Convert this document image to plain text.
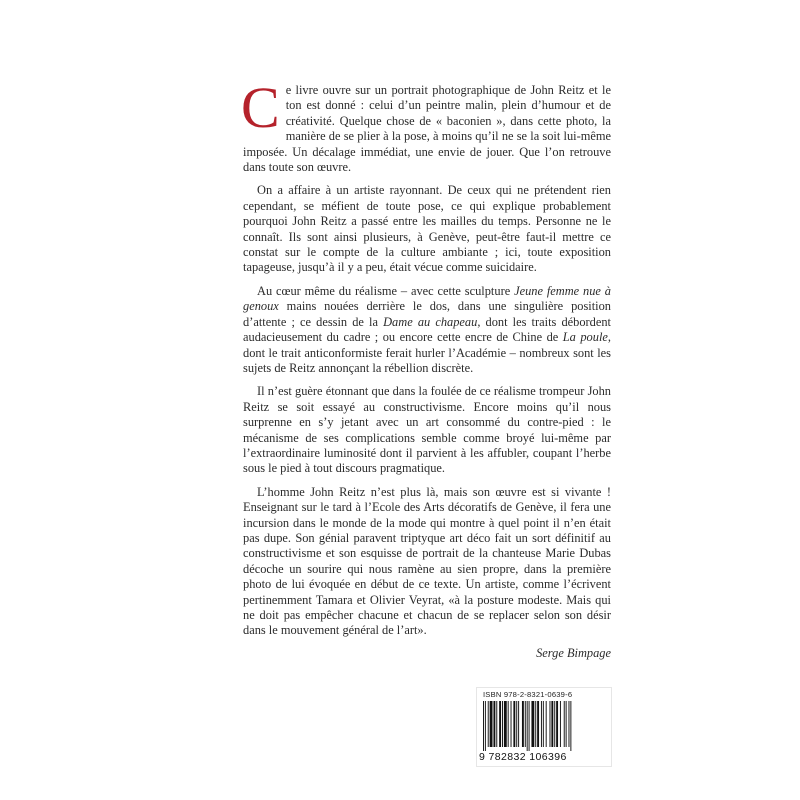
Ce livre ouvre sur un portrait photographique de John Reitz et le ton est donné : celui d’un peintre malin, plein d’humour et de créativité. Quelque chose de « baconien », dans cette photo, la manière de se plier à la pose, à moins qu’il ne se la soit lui-même imposée. Un décalage immédiat, une envie de jouer. Que l’on retrouve dans toute son œuvre.

On a affaire à un artiste rayonnant. De ceux qui ne prétendent rien cependant, se méfient de toute pose, ce qui explique probablement pourquoi John Reitz a passé entre les mailles du temps. Personne ne le connaît. Ils sont ainsi plusieurs, à Genève, peut-être faut-il mettre ce constat sur le compte de la culture ambiante ; ici, toute exposition tapageuse, jusqu’à il y a peu, était vécue comme suicidaire.

Au cœur même du réalisme – avec cette sculpture Jeune femme nue à genoux mains nouées derrière le dos, dans une singulière position d’attente ; ce dessin de la Dame au chapeau, dont les traits débordent audacieusement du cadre ; ou encore cette encre de Chine de La poule, dont le trait anticonformiste ferait hurler l’Académie – nombreux sont les sujets de Reitz annonçant la rébellion discrète.

Il n’est guère étonnant que dans la foulée de ce réalisme trompeur John Reitz se soit essayé au constructivisme. Encore moins qu’il nous surprenne en s’y jetant avec un art consommé du contre-pied : le mécanisme de ses complications semble comme broyé lui-même par l’extraordinaire luminosité dont il parvient à les affubler, coupant l’herbe sous le pied à tout discours pragmatique.

L’homme John Reitz n’est plus là, mais son œuvre est si vivante ! Enseignant sur le tard à l’Ecole des Arts décoratifs de Genève, il fera une incursion dans le monde de la mode qui montre à quel point il n’en était pas dupe. Son génial paravent triptyque art déco fait un sort définitif au constructivisme et son esquisse de portrait de la chanteuse Marie Dubas décoche un sourire qui nous ramène au sien propre, dans la première photo de lui évoquée en début de ce texte. Un artiste, comme l’écrivent pertinemment Tamara et Olivier Veyrat, «à la posture modeste. Mais qui ne doit pas empêcher chacune et chacun de se replacer selon son désir dans le mouvement général de l’art».

Serge Bimpage
ISBN 978-2-8321-0639-6
9 782832 106396
